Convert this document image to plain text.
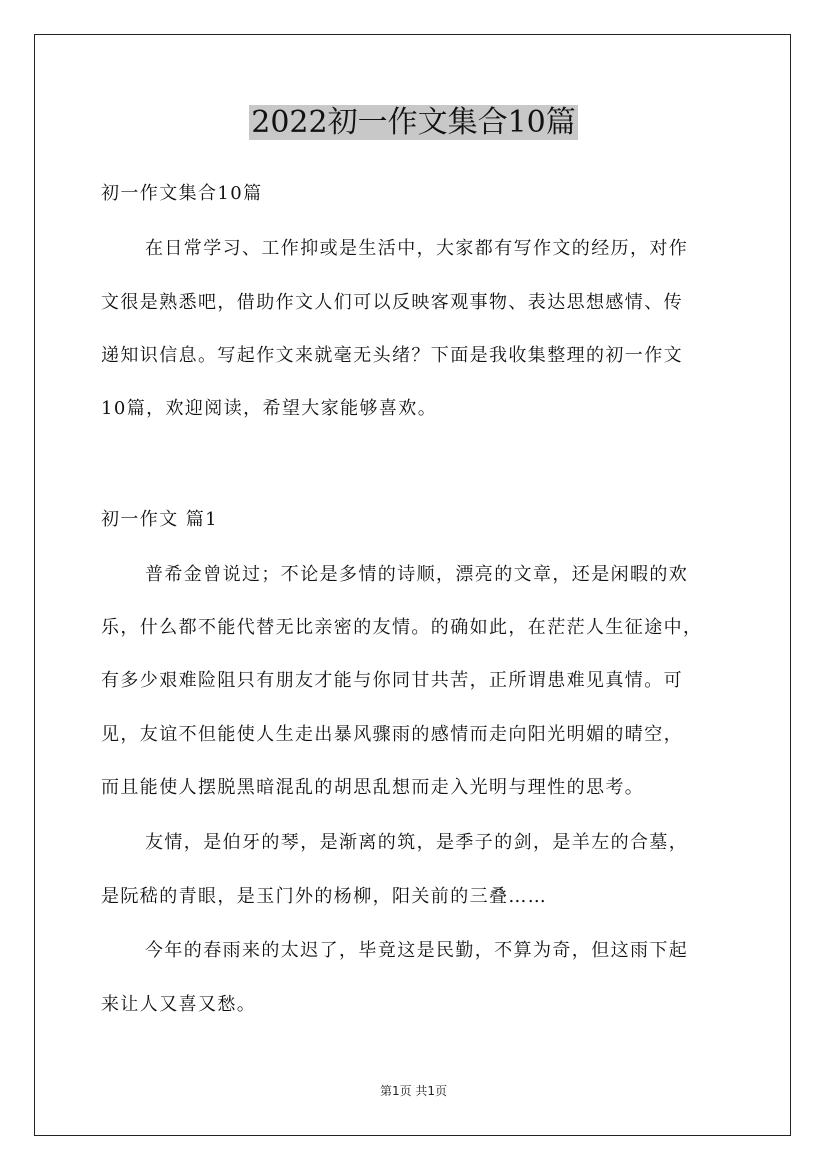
2022初一作文集合10篇
初一作文集合10篇
在日常学习、工作抑或是生活中，大家都有写作文的经历，对作
文很是熟悉吧，借助作文人们可以反映客观事物、表达思想感情、传
递知识信息。写起作文来就毫无头绪？下面是我收集整理的初一作文
10篇，欢迎阅读，希望大家能够喜欢。
初一作文 篇1
普希金曾说过；不论是多情的诗顺，漂亮的文章，还是闲暇的欢
乐，什么都不能代替无比亲密的友情。的确如此，在茫茫人生征途中，
有多少艰难险阻只有朋友才能与你同甘共苦，正所谓患难见真情。可
见，友谊不但能使人生走出暴风骤雨的感情而走向阳光明媚的晴空，
而且能使人摆脱黑暗混乱的胡思乱想而走入光明与理性的思考。
友情，是伯牙的琴，是渐离的筑，是季子的剑，是羊左的合墓，
是阮嵇的青眼，是玉门外的杨柳，阳关前的三叠……
今年的春雨来的太迟了，毕竟这是民勤，不算为奇，但这雨下起
来让人又喜又愁。
第1页 共1页
